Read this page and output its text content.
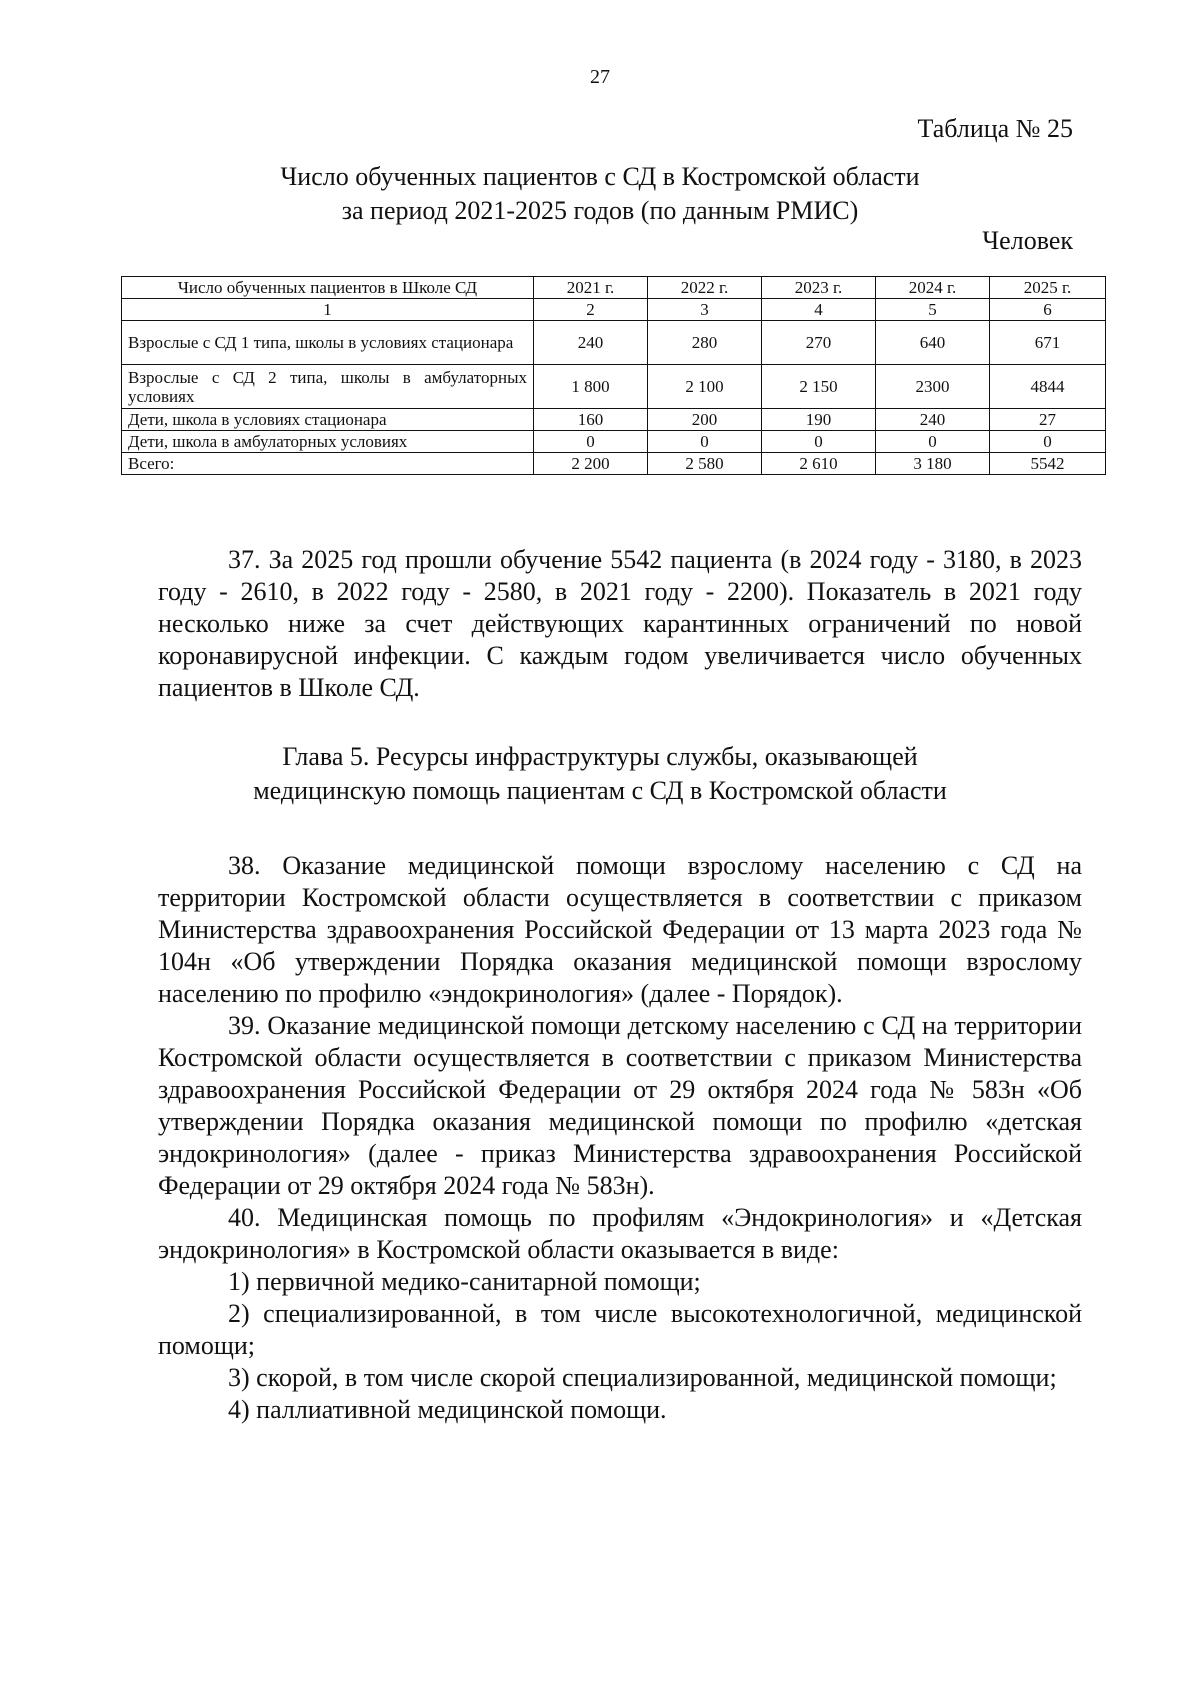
27
Таблица № 25
Число обученных пациентов с СД в Костромской области
за период 2021-2025 годов (по данным РМИС)
Человек
Число обученных пациентов в Школе СД	2021 г.	2022 г.	2023 г.	2024 г.	2025 г.
1	2	3	4	5	6
Взрослые с СД 1 типа, школы в условиях стационара	240	280	270	640	671
Взрослые с СД 2 типа, школы в амбулаторных условиях	1 800	2 100	2 150	2300	4844
Дети, школа в условиях стационара	160	200	190	240	27
Дети, школа в амбулаторных условиях	0	0	0	0	0
Всего:	2 200	2 580	2 610	3 180	5542

37. За 2025 год прошли обучение 5542 пациента (в 2024 году - 3180, в 2023 году - 2610, в 2022 году - 2580, в 2021 году - 2200). Показатель в 2021 году несколько ниже за счет действующих карантинных ограничений по новой коронавирусной инфекции. С каждым годом увеличивается число обученных пациентов в Школе СД.

Глава 5. Ресурсы инфраструктуры службы, оказывающей
медицинскую помощь пациентам с СД в Костромской области

38. Оказание медицинской помощи взрослому населению с СД на территории Костромской области осуществляется в соответствии с приказом Министерства здравоохранения Российской Федерации от 13 марта 2023 года № 104н «Об утверждении Порядка оказания медицинской помощи взрослому населению по профилю «эндокринология» (далее - Порядок).

39. Оказание медицинской помощи детскому населению с СД на территории Костромской области осуществляется в соответствии с приказом Министерства здравоохранения Российской Федерации от 29 октября 2024 года № 583н «Об утверждении Порядка оказания медицинской помощи по профилю «детская эндокринология» (далее - приказ Министерства здравоохранения Российской Федерации от 29 октября 2024 года № 583н).

40. Медицинская помощь по профилям «Эндокринология» и «Детская эндокринология» в Костромской области оказывается в виде:

1) первичной медико-санитарной помощи;

2) специализированной, в том числе высокотехнологичной, медицинской помощи;

3) скорой, в том числе скорой специализированной, медицинской помощи;

4) паллиативной медицинской помощи.
